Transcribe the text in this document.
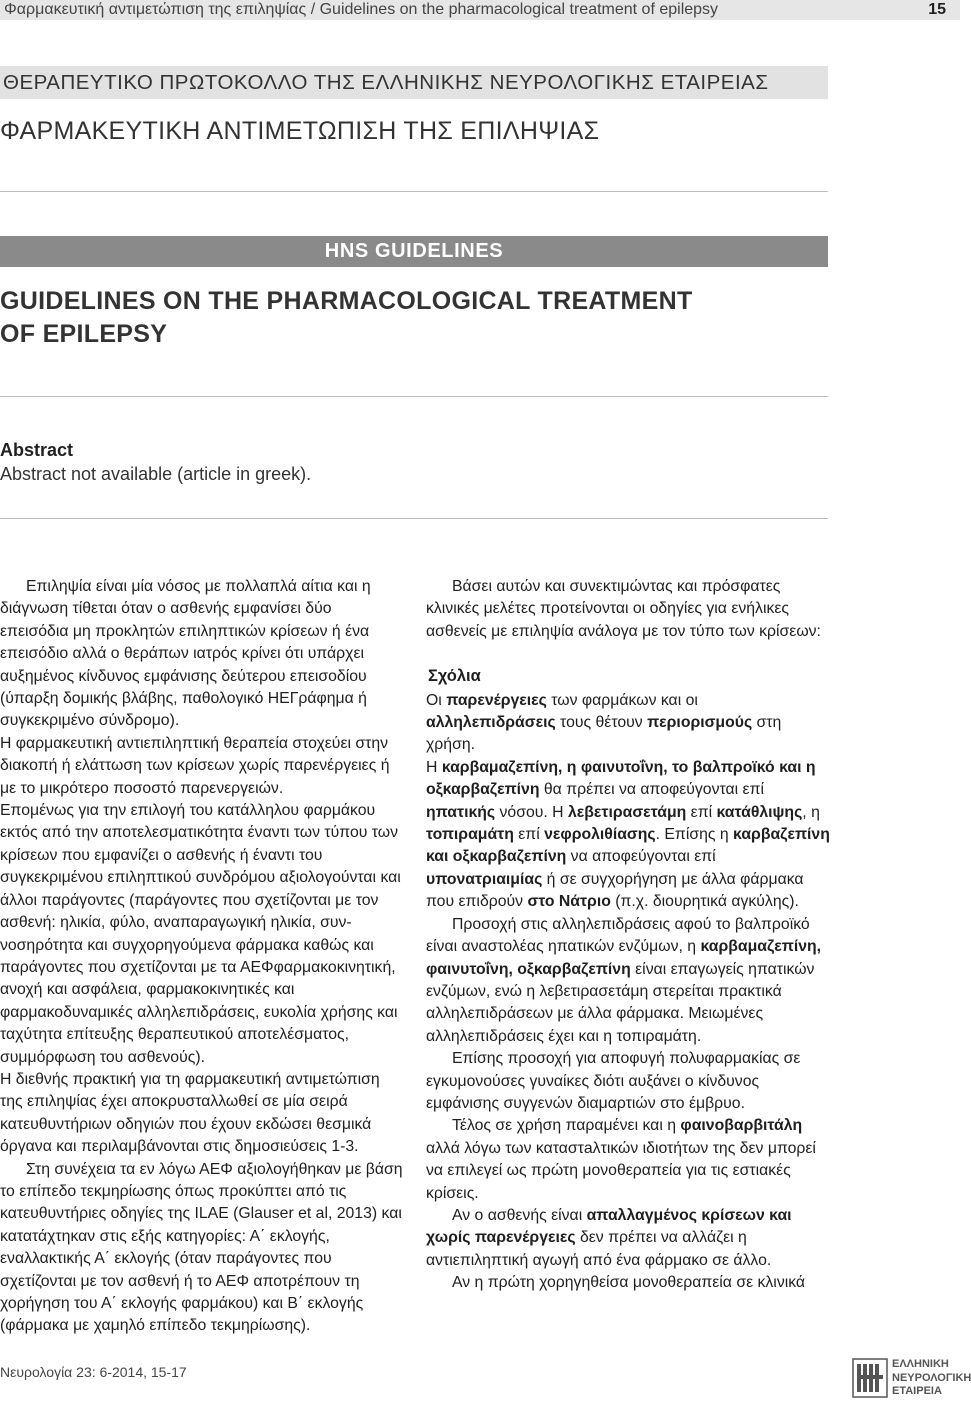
Φαρμακευτική αντιμετώπιση της επιληψίας / Guidelines on the pharmacological treatment of epilepsy	15
ΘΕΡΑΠΕΥΤΙΚΟ ΠΡΩΤΟΚΟΛΛΟ ΤΗΣ ΕΛΛΗΝΙΚΗΣ ΝΕΥΡΟΛΟΓΙΚΗΣ ΕΤΑΙΡΕΙΑΣ
ΦΑΡΜΑΚΕΥΤΙΚΗ ΑΝΤΙΜΕΤΩΠΙΣΗ ΤΗΣ ΕΠΙΛΗΨΙΑΣ
HNS GUIDELINES
GUIDELINES ON THE PHARMACOLOGICAL TREATMENT
OF EPILEPSY
Abstract
Abstract not available (article in greek).

Επιληψία είναι μία νόσος με πολλαπλά αίτια και η διάγνωση τίθεται όταν ο ασθενής εμφανίσει δύο επεισόδια μη προκλητών επιληπτικών κρίσεων ή ένα επεισόδιο αλλά ο θεράπων ιατρός κρίνει ότι υπάρχει αυξημένος κίνδυνος εμφάνισης δεύτερου επεισοδίου (ύπαρξη δομικής βλάβης, παθολογικό ΗΕΓράφημα ή συγκεκριμένο σύνδρομο).

Η φαρμακευτική αντιεπιληπτική θεραπεία στοχεύει στην διακοπή ή ελάττωση των κρίσεων χωρίς παρενέργειες ή με το μικρότερο ποσοστό παρενεργειών.

Επομένως για την επιλογή του κατάλληλου φαρμάκου εκτός από την αποτελεσματικότητα έναντι των τύπου των κρίσεων που εμφανίζει ο ασθενής ή έναντι του συγκεκριμένου επιληπτικού συνδρόμου αξιολογούνται και άλλοι παράγοντες (παράγοντες που σχετίζονται με τον ασθενή: ηλικία, φύλο, αναπαραγωγική ηλικία, συν-νοσηρότητα και συγχορηγούμενα φάρμακα καθώς και παράγοντες που σχετίζονται με τα ΑΕΦφαρμακοκινητική, ανοχή και ασφάλεια, φαρμακοκινητικές και φαρμακοδυναμικές αλληλεπιδράσεις, ευκολία χρήσης και ταχύτητα επίτευξης θεραπευτικού αποτελέσματος, συμμόρφωση του ασθενούς).

Η διεθνής πρακτική για τη φαρμακευτική αντιμετώπιση της επιληψίας έχει αποκρυσταλλωθεί σε μία σειρά κατευθυντήριων οδηγιών που έχουν εκδώσει θεσμικά όργανα και περιλαμβάνονται στις δημοσιεύσεις 1-3.

Στη συνέχεια τα εν λόγω ΑΕΦ αξιολογήθηκαν με βάση το επίπεδο τεκμηρίωσης όπως προκύπτει από τις κατευθυντήριες οδηγίες της ILAE (Glauser et al, 2013) και κατατάχτηκαν στις εξής κατηγορίες: Α΄ εκλογής, εναλλακτικής Α΄ εκλογής (όταν παράγοντες που σχετίζονται με τον ασθενή ή το ΑΕΦ αποτρέπουν τη χορήγηση του Α΄ εκλογής φαρμάκου) και Β΄ εκλογής (φάρμακα με χαμηλό επίπεδο τεκμηρίωσης).

Βάσει αυτών και συνεκτιμώντας και πρόσφατες κλινικές μελέτες προτείνονται οι οδηγίες για ενήλικες ασθενείς με επιληψία ανάλογα με τον τύπο των κρίσεων:

Σχόλια

Οι παρενέργειες των φαρμάκων και οι αλληλεπιδράσεις τους θέτουν περιορισμούς στη χρήση.

Η καρβαμαζεπίνη, η φαινυτοΐνη, το βαλπροϊκό και η οξκαρβαζεπίνη θα πρέπει να αποφεύγονται επί ηπατικής νόσου. Η λεβετιρασετάμη επί κατάθλιψης, η τοπιραμάτη επί νεφρολιθίασης. Επίσης η καρβαζεπίνη και οξκαρβαζεπίνη να αποφεύγονται επί υπονατριαιμίας ή σε συγχορήγηση με άλλα φάρμακα που επιδρούν στο Νάτριο (π.χ. διουρητικά αγκύλης).

Προσοχή στις αλληλεπιδράσεις αφού το βαλπροϊκό είναι αναστολέας ηπατικών ενζύμων, η καρβαμαζεπίνη, φαινυτοΐνη, οξκαρβαζεπίνη είναι επαγωγείς ηπατικών ενζύμων, ενώ η λεβετιρασετάμη στερείται πρακτικά αλληλεπιδράσεων με άλλα φάρμακα. Μειωμένες αλληλεπιδράσεις έχει και η τοπιραμάτη.

Επίσης προσοχή για αποφυγή πολυφαρμακίας σε εγκυμονούσες γυναίκες διότι αυξάνει ο κίνδυνος εμφάνισης συγγενών διαμαρτιών στο έμβρυο.

Τέλος σε χρήση παραμένει και η φαινοβαρβιτάλη αλλά λόγω των καταστaλτικών ιδιοτήτων της δεν μπορεί να επιλεγεί ως πρώτη μονοθεραπεία για τις εστιακές κρίσεις.

Αν ο ασθενής είναι απαλλαγμένος κρίσεων και χωρίς παρενέργειες δεν πρέπει να αλλάζει η αντιεπιληπτική αγωγή από ένα φάρμακο σε άλλο.

Αν η πρώτη χορηγηθείσα μονοθεραπεία σε κλινικά

Νευρολογία 23: 6-2014, 15-17	ΕΛΛΗΝΙΚΗ
ΝΕΥΡΟΛΟΓΙΚΗ
ΕΤΑΙΡΕΙΑ
